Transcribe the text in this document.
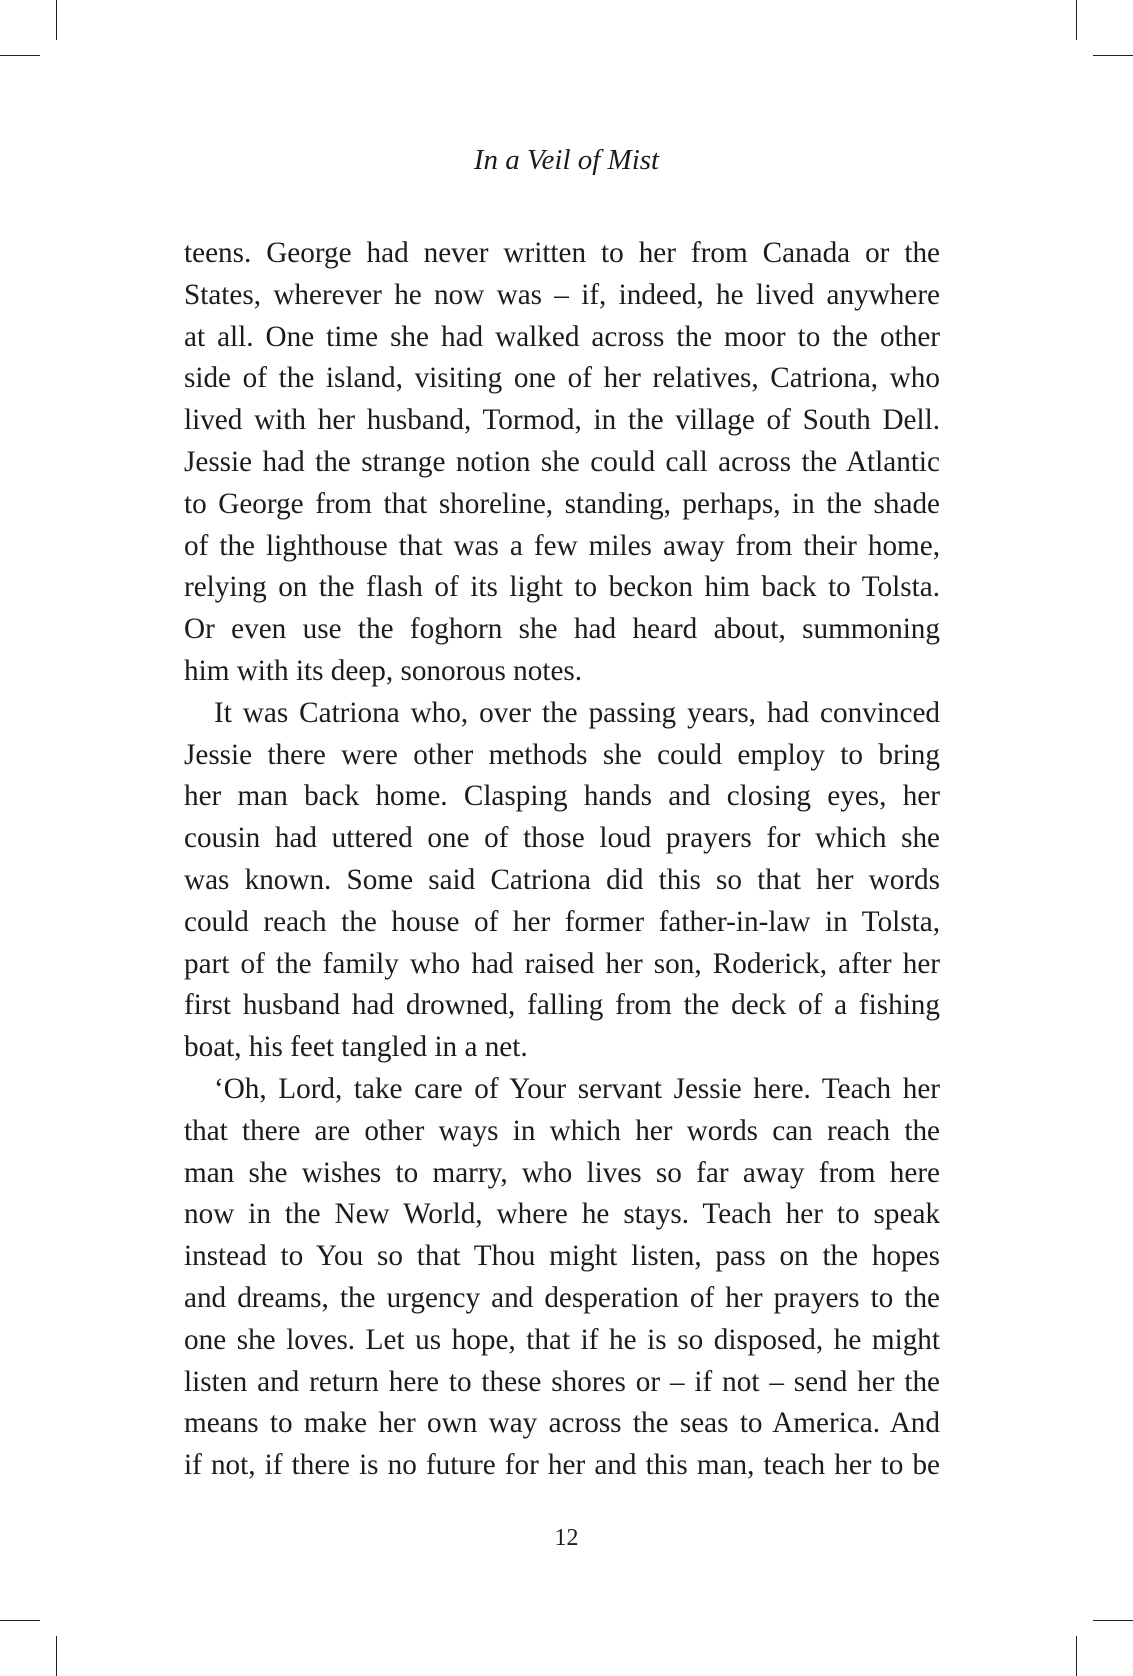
In a Veil of Mist
teens. George had never written to her from Canada or the
States, wherever he now was – if, indeed, he lived anywhere
at all. One time she had walked across the moor to the other
side of the island, visiting one of her relatives, Catriona, who
lived with her husband, Tormod, in the village of South Dell.
Jessie had the strange notion she could call across the Atlantic
to George from that shoreline, standing, perhaps, in the shade
of the lighthouse that was a few miles away from their home,
relying on the flash of its light to beckon him back to Tolsta.
Or even use the foghorn she had heard about, summoning
him with its deep, sonorous notes.
It was Catriona who, over the passing years, had convinced
Jessie there were other methods she could employ to bring
her man back home. Clasping hands and closing eyes, her
cousin had uttered one of those loud prayers for which she
was known. Some said Catriona did this so that her words
could reach the house of her former father-in-law in Tolsta,
part of the family who had raised her son, Roderick, after her
first husband had drowned, falling from the deck of a fishing
boat, his feet tangled in a net.
‘Oh, Lord, take care of Your servant Jessie here. Teach her
that there are other ways in which her words can reach the
man she wishes to marry, who lives so far away from here
now in the New World, where he stays. Teach her to speak
instead to You so that Thou might listen, pass on the hopes
and dreams, the urgency and desperation of her prayers to the
one she loves. Let us hope, that if he is so disposed, he might
listen and return here to these shores or – if not – send her the
means to make her own way across the seas to America. And
if not, if there is no future for her and this man, teach her to be
12
